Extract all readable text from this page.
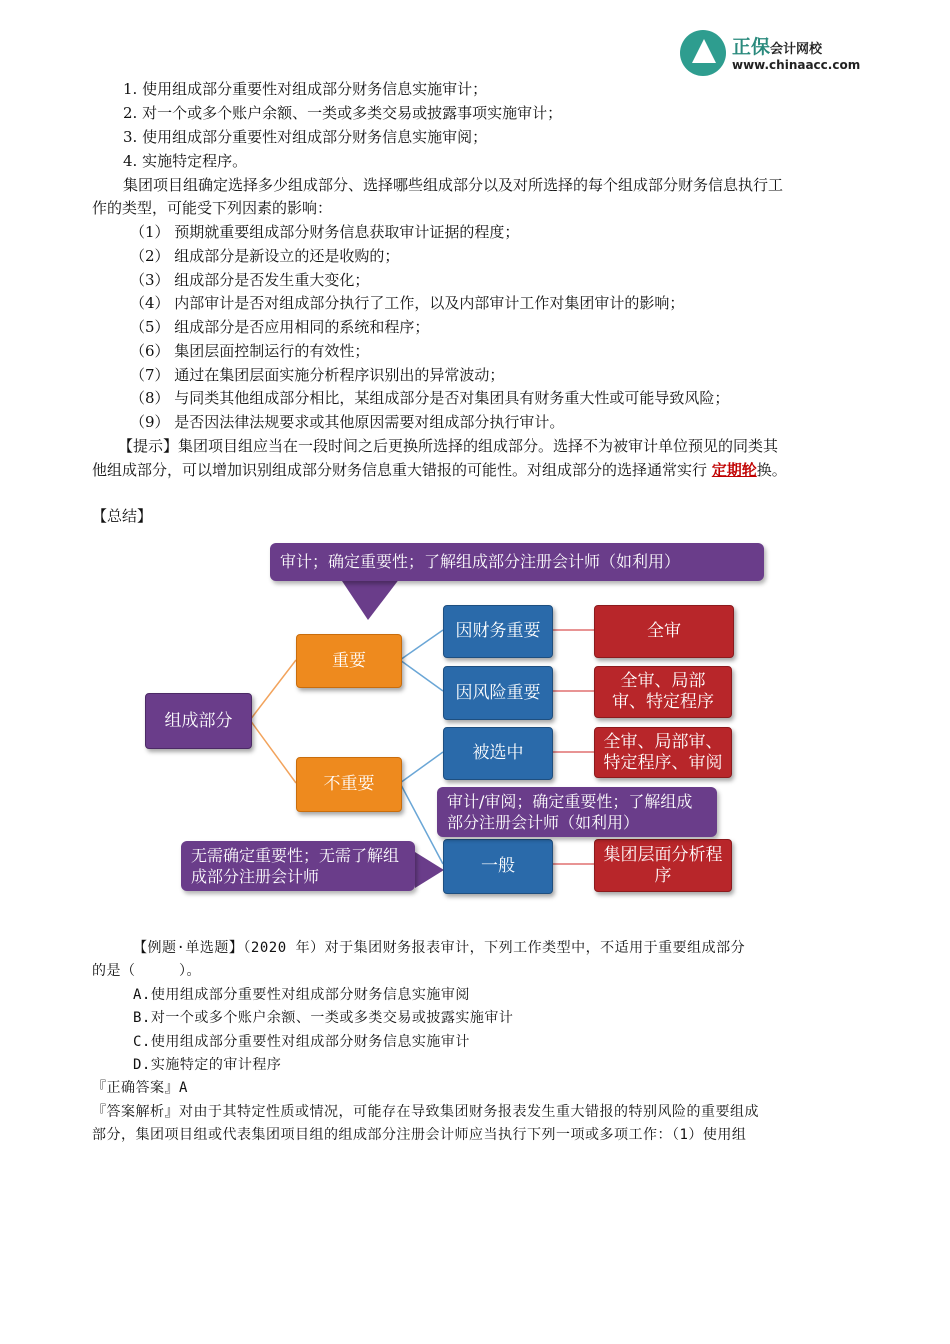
正保会计网校
www.chinaacc.com
1. 使用组成部分重要性对组成部分财务信息实施审计；
2. 对一个或多个账户余额、一类或多类交易或披露事项实施审计；
3. 使用组成部分重要性对组成部分财务信息实施审阅；
4. 实施特定程序。
集团项目组确定选择多少组成部分、选择哪些组成部分以及对所选择的每个组成部分财务信息执行工
作的类型，可能受下列因素的影响：
（1） 预期就重要组成部分财务信息获取审计证据的程度；
（2） 组成部分是新设立的还是收购的；
（3） 组成部分是否发生重大变化；
（4） 内部审计是否对组成部分执行了工作，以及内部审计工作对集团审计的影响；
（5） 组成部分是否应用相同的系统和程序；
（6） 集团层面控制运行的有效性；
（7） 通过在集团层面实施分析程序识别出的异常波动；
（8） 与同类其他组成部分相比，某组成部分是否对集团具有财务重大性或可能导致风险；
（9） 是否因法律法规要求或其他原因需要对组成部分执行审计。
【提示】集团项目组应当在一段时间之后更换所选择的组成部分。选择不为被审计单位预见的同类其
他组成部分，可以增加识别组成部分财务信息重大错报的可能性。对组成部分的选择通常实行 定期轮换。
【总结】
组成部分
重要
不重要
因财务重要
因风险重要
被选中
一般
全审
全审、局部审、特定程序
全审、局部审、特定程序、审阅
集团层面分析程序
审计；确定重要性；了解组成部分注册会计师（如利用）
审计/审阅；确定重要性；了解组成部分注册会计师（如利用）
无需确定重要性；无需了解组成部分注册会计师
【例题·单选题】（2020 年）对于集团财务报表审计，下列工作类型中，不适用于重要组成部分
的是（　　　）。
A.使用组成部分重要性对组成部分财务信息实施审阅
B.对一个或多个账户余额、一类或多类交易或披露实施审计
C.使用组成部分重要性对组成部分财务信息实施审计
D.实施特定的审计程序
『正确答案』A
『答案解析』对由于其特定性质或情况，可能存在导致集团财务报表发生重大错报的特别风险的重要组成
部分，集团项目组或代表集团项目组的组成部分注册会计师应当执行下列一项或多项工作：（1）使用组
